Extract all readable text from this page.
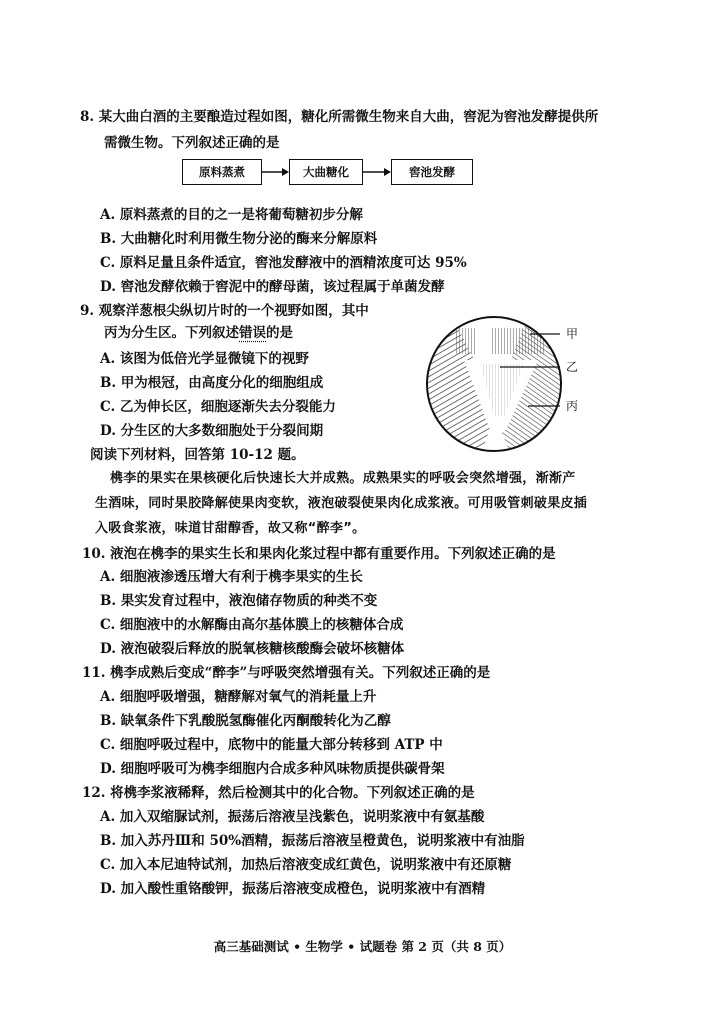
8. 某大曲白酒的主要酿造过程如图，糖化所需微生物来自大曲，窖泥为窖池发酵提供所
需微生物。下列叙述正确的是
原料蒸煮	大曲糖化	窖池发酵
A. 原料蒸煮的目的之一是将葡萄糖初步分解
B. 大曲糖化时利用微生物分泌的酶来分解原料
C. 原料足量且条件适宜，窖池发酵液中的酒精浓度可达 95%
D. 窖池发酵依赖于窖泥中的酵母菌，该过程属于单菌发酵
9. 观察洋葱根尖纵切片时的一个视野如图，其中
丙为分生区。下列叙述错误的是
A. 该图为低倍光学显微镜下的视野
B. 甲为根冠，由高度分化的细胞组成
C. 乙为伸长区，细胞逐渐失去分裂能力
D. 分生区的大多数细胞处于分裂间期
甲
乙
丙
阅读下列材料，回答第 10-12 题。
槜李的果实在果核硬化后快速长大并成熟。成熟果实的呼吸会突然增强，渐渐产
生酒味，同时果胶降解使果肉变软，液泡破裂使果肉化成浆液。可用吸管刺破果皮插
入吸食浆液，味道甘甜醇香，故又称“醉李”。
10. 液泡在槜李的果实生长和果肉化浆过程中都有重要作用。下列叙述正确的是
A. 细胞液渗透压增大有利于槜李果实的生长
B. 果实发育过程中，液泡储存物质的种类不变
C. 细胞液中的水解酶由高尔基体膜上的核糖体合成
D. 液泡破裂后释放的脱氧核糖核酸酶会破坏核糖体
11. 槜李成熟后变成“醉李”与呼吸突然增强有关。下列叙述正确的是
A. 细胞呼吸增强，糖酵解对氧气的消耗量上升
B. 缺氧条件下乳酸脱氢酶催化丙酮酸转化为乙醇
C. 细胞呼吸过程中，底物中的能量大部分转移到 ATP 中
D. 细胞呼吸可为槜李细胞内合成多种风味物质提供碳骨架
12. 将槜李浆液稀释，然后检测其中的化合物。下列叙述正确的是
A. 加入双缩脲试剂，振荡后溶液呈浅紫色，说明浆液中有氨基酸
B. 加入苏丹Ⅲ和 50%酒精，振荡后溶液呈橙黄色，说明浆液中有油脂
C. 加入本尼迪特试剂，加热后溶液变成红黄色，说明浆液中有还原糖
D. 加入酸性重铬酸钾，振荡后溶液变成橙色，说明浆液中有酒精
高三基础测试 • 生物学 • 试题卷 第 2 页（共 8 页）
